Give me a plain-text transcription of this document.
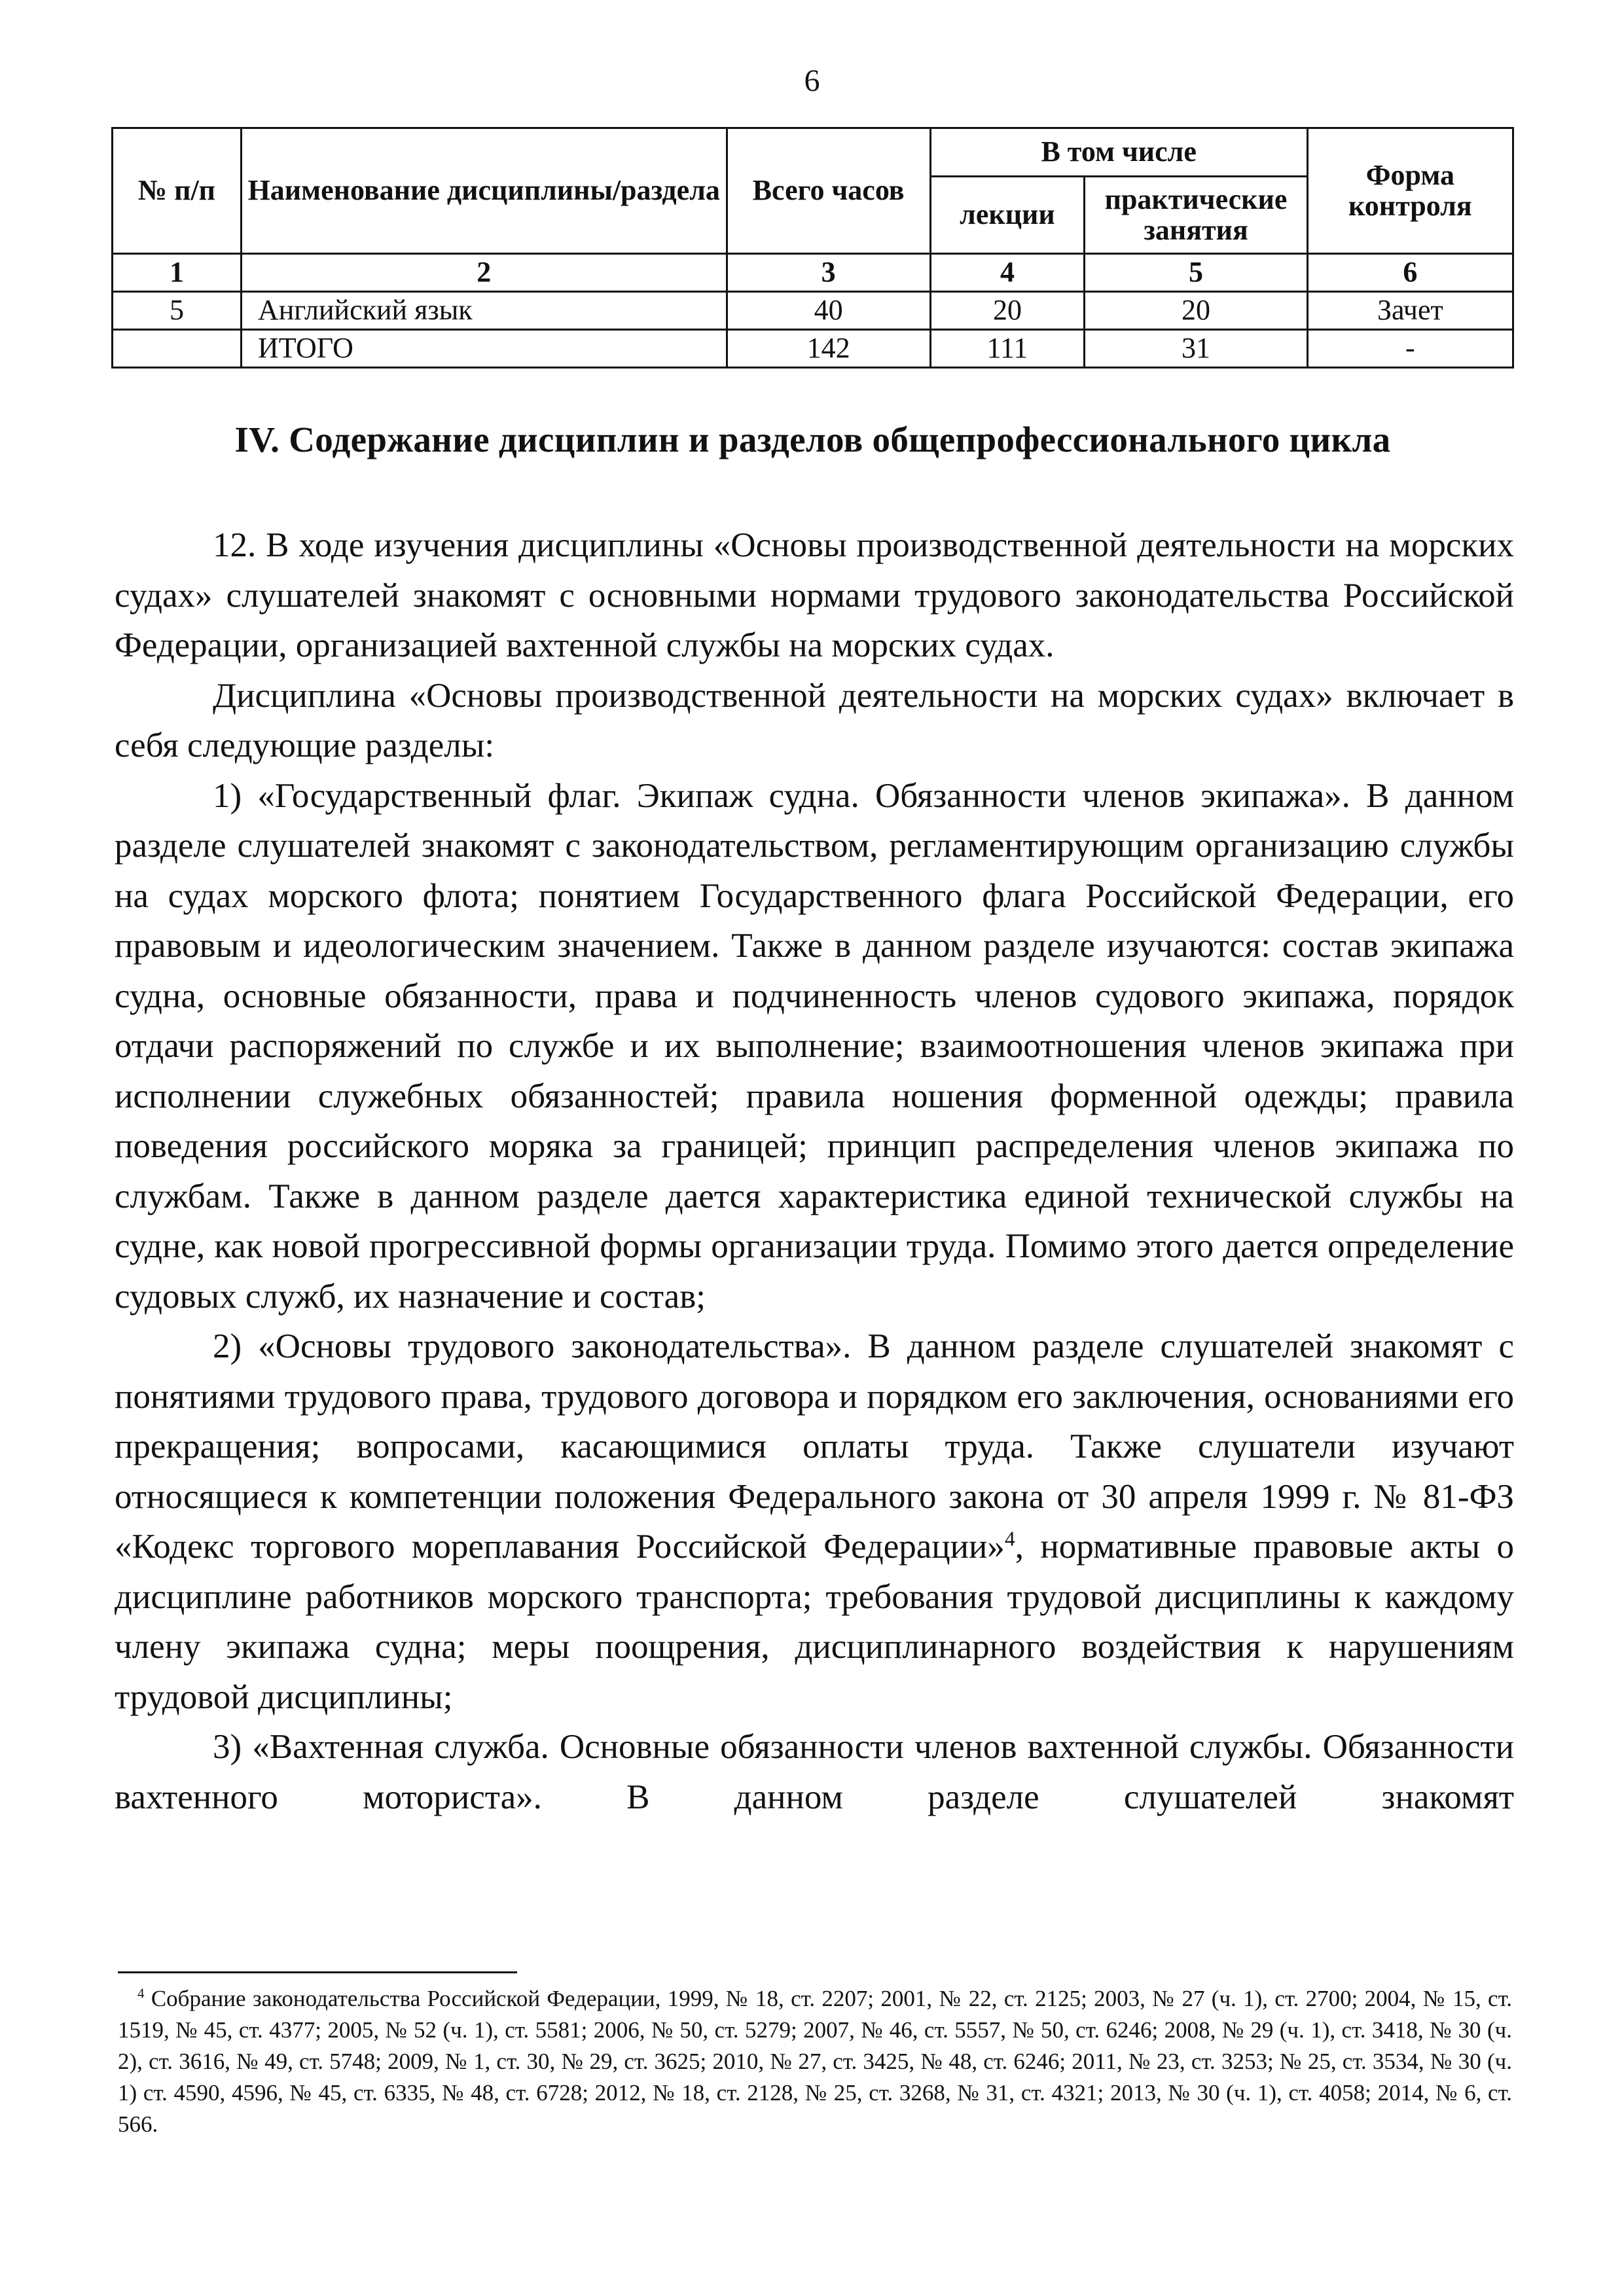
6
№ п/п	Наименование дисциплины/раздела	Всего часов	В том числе		Форма контроля
			лекции	практические занятия	
1	2	3	4	5	6
5	Английский язык	40	20	20	Зачет
	ИТОГО	142	111	31	-
IV. Содержание дисциплин и разделов общепрофессионального цикла

12. В ходе изучения дисциплины «Основы производственной деятельности на морских судах» слушателей знакомят с основными нормами трудового законодательства Российской Федерации, организацией вахтенной службы на морских судах.

Дисциплина «Основы производственной деятельности на морских судах» включает в себя следующие разделы:

1) «Государственный флаг. Экипаж судна. Обязанности членов экипажа». В данном разделе слушателей знакомят с законодательством, регламентирующим организацию службы на судах морского флота; понятием Государственного флага Российской Федерации, его правовым и идеологическим значением. Также в данном разделе изучаются: состав экипажа судна, основные обязанности, права и подчиненность членов судового экипажа, порядок отдачи распоряжений по службе и их выполнение; взаимоотношения членов экипажа при исполнении служебных обязанностей; правила ношения форменной одежды; правила поведения российского моряка за границей; принцип распределения членов экипажа по службам. Также в данном разделе дается характеристика единой технической службы на судне, как новой прогрессивной формы организации труда. Помимо этого дается определение судовых служб, их назначение и состав;

2) «Основы трудового законодательства». В данном разделе слушателей знакомят с понятиями трудового права, трудового договора и порядком его заключения, основаниями его прекращения; вопросами, касающимися оплаты труда. Также слушатели изучают относящиеся к компетенции положения Федерального закона от 30 апреля 1999 г. № 81-ФЗ «Кодекс торгового мореплавания Российской Федерации»$^4$, нормативные правовые акты о дисциплине работников морского транспорта; требования трудовой дисциплины к каждому члену экипажа судна; меры поощрения, дисциплинарного воздействия к нарушениям трудовой дисциплины;

3) «Вахтенная служба. Основные обязанности членов вахтенной службы. Обязанности вахтенного моториста». В данном разделе слушателей знакомят

$^4$ Собрание законодательства Российской Федерации, 1999, № 18, ст. 2207; 2001, № 22, ст. 2125; 2003, № 27 (ч. 1), ст. 2700; 2004, № 15, ст. 1519, № 45, ст. 4377; 2005, № 52 (ч. 1), ст. 5581; 2006, № 50, ст. 5279; 2007, № 46, ст. 5557, № 50, ст. 6246; 2008, № 29 (ч. 1), ст. 3418, № 30 (ч. 2), ст. 3616, № 49, ст. 5748; 2009, № 1, ст. 30, № 29, ст. 3625; 2010, № 27, ст. 3425, № 48, ст. 6246; 2011, № 23, ст. 3253; № 25, ст. 3534, № 30 (ч. 1) ст. 4590, 4596, № 45, ст. 6335, № 48, ст. 6728; 2012, № 18, ст. 2128, № 25, ст. 3268, № 31, ст. 4321; 2013, № 30 (ч. 1), ст. 4058; 2014, № 6, ст. 566.
